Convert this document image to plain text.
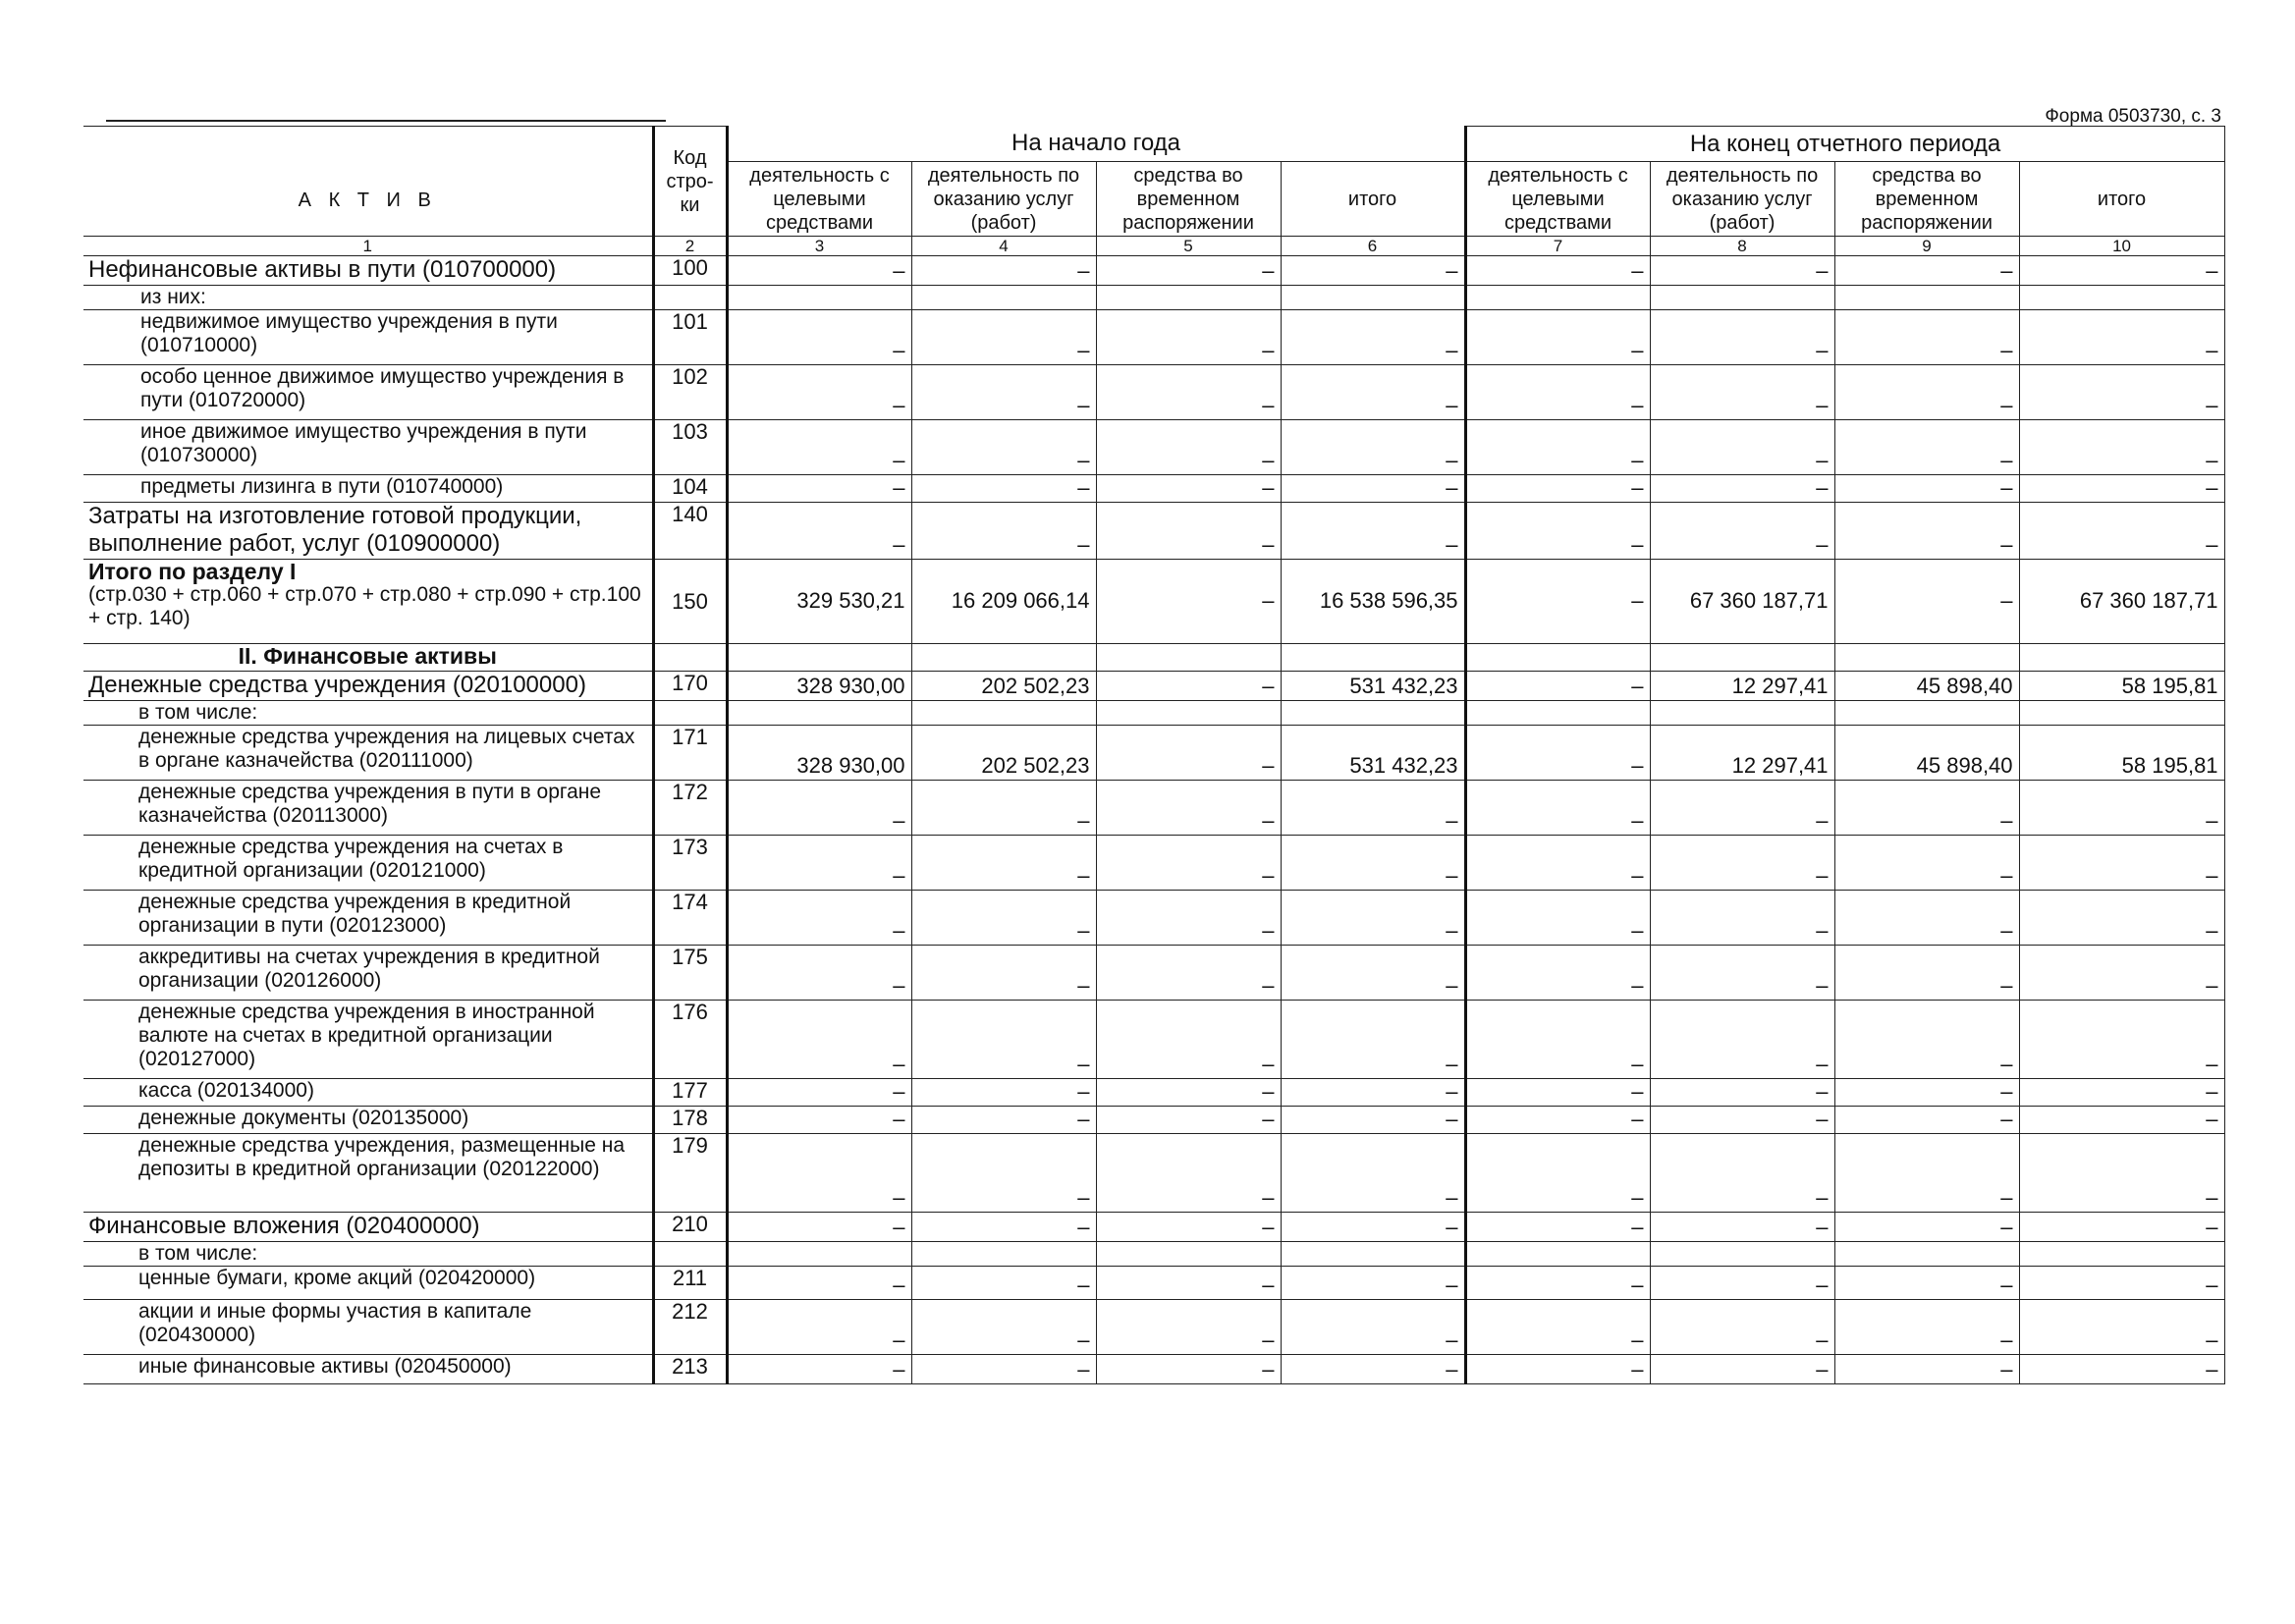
Форма 0503730, с. 3
А К Т И В	Код стро-ки	На начало года				На конец отчетного периода			
		деятельность с целевыми средствами	деятельность по оказанию услуг (работ)	средства во временном распоряжении	итого	деятельность с целевыми средствами	деятельность по оказанию услуг (работ)	средства во временном распоряжении	итого
1	2	3	4	5	6	7	8	9	10
Нефинансовые активы в пути (010700000)	100	–	–	–	–	–	–	–	–
из них:									
недвижимое имущество учреждения в пути (010710000)	101	–	–	–	–	–	–	–	–
особо ценное движимое имущество учреждения в пути (010720000)	102	–	–	–	–	–	–	–	–
иное движимое имущество учреждения в пути (010730000)	103	–	–	–	–	–	–	–	–
предметы лизинга в пути (010740000)	104	–	–	–	–	–	–	–	–
Затраты на изготовление готовой продукции, выполнение работ, услуг (010900000)	140	–	–	–	–	–	–	–	–

Итого по разделу I
(стр.030 + стр.060 + стр.070 + стр.080 + стр.090 + стр.100 + стр. 140)	150	329 530,21	16 209 066,14	–	16 538 596,35	–	67 360 187,71	–	67 360 187,71
II. Финансовые активы									
Денежные средства учреждения (020100000)	170	328 930,00	202 502,23	–	531 432,23	–	12 297,41	45 898,40	58 195,81
в том числе:									
денежные средства учреждения на лицевых счетах в органе казначейства (020111000)	171	328 930,00	202 502,23	–	531 432,23	–	12 297,41	45 898,40	58 195,81
денежные средства учреждения в пути в органе казначейства (020113000)	172	–	–	–	–	–	–	–	–
денежные средства учреждения на счетах в кредитной организации (020121000)	173	–	–	–	–	–	–	–	–
денежные средства учреждения в кредитной организации в пути (020123000)	174	–	–	–	–	–	–	–	–
аккредитивы на счетах учреждения в кредитной организации (020126000)	175	–	–	–	–	–	–	–	–
денежные средства учреждения в иностранной валюте на счетах в кредитной организации (020127000)	176	–	–	–	–	–	–	–	–
касса (020134000)	177	–	–	–	–	–	–	–	–
денежные документы (020135000)	178	–	–	–	–	–	–	–	–
денежные средства учреждения, размещенные на депозиты в кредитной организации (020122000)	179	–	–	–	–	–	–	–	–
Финансовые вложения (020400000)	210	–	–	–	–	–	–	–	–
в том числе:									
ценные бумаги, кроме акций (020420000)	211	–	–	–	–	–	–	–	–
акции и иные формы участия в капитале (020430000)	212	–	–	–	–	–	–	–	–
иные финансовые активы (020450000)	213	–	–	–	–	–	–	–	–
